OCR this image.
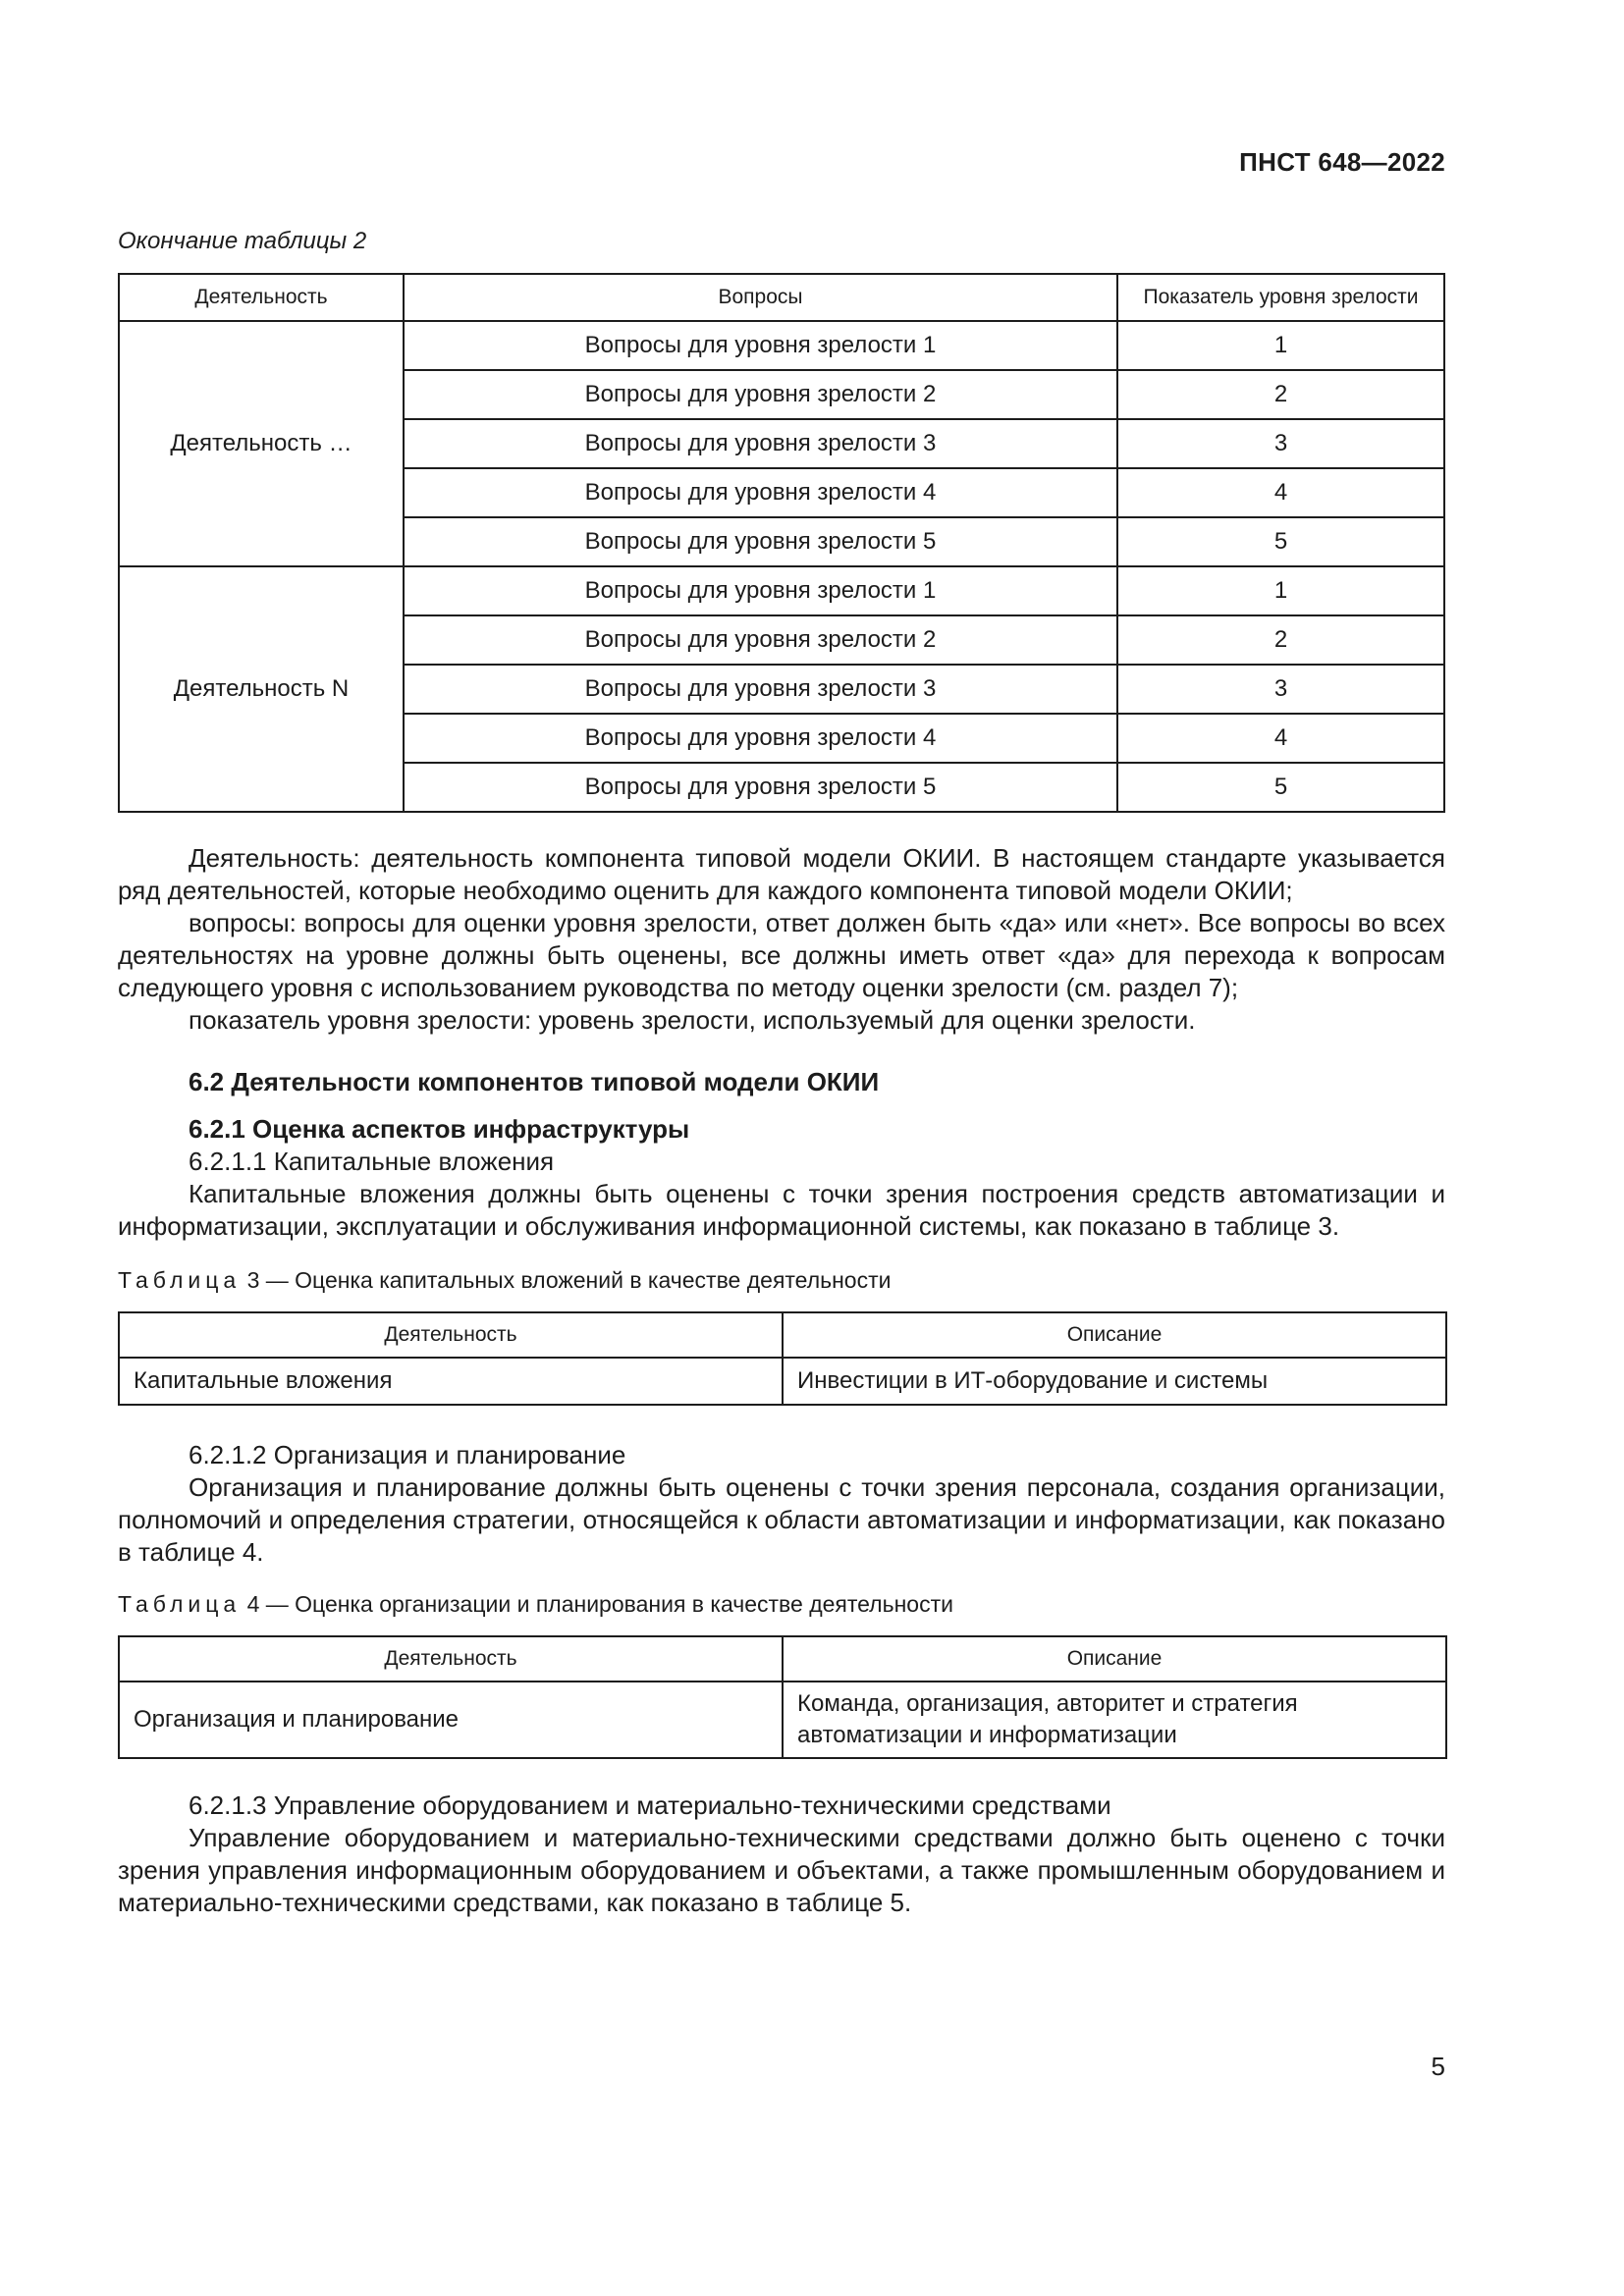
ПНСТ 648—2022
Окончание таблицы 2
Деятельность	Вопросы	Показатель уровня зрелости
Деятельность …	Вопросы для уровня зрелости 1	1
	Вопросы для уровня зрелости 2	2
	Вопросы для уровня зрелости 3	3
	Вопросы для уровня зрелости 4	4
	Вопросы для уровня зрелости 5	5
Деятельность N	Вопросы для уровня зрелости 1	1
	Вопросы для уровня зрелости 2	2
	Вопросы для уровня зрелости 3	3
	Вопросы для уровня зрелости 4	4
	Вопросы для уровня зрелости 5	5

Деятельность: деятельность компонента типовой модели ОКИИ. В настоящем стандарте указывается ряд деятельностей, которые необходимо оценить для каждого компонента типовой модели ОКИИ;

вопросы: вопросы для оценки уровня зрелости, ответ должен быть «да» или «нет». Все вопросы во всех деятельностях на уровне должны быть оценены, все должны иметь ответ «да» для перехода к вопросам следующего уровня с использованием руководства по методу оценки зрелости (см. раздел 7);

показатель уровня зрелости: уровень зрелости, используемый для оценки зрелости.

6.2 Деятельности компонентов типовой модели ОКИИ

6.2.1 Оценка аспектов инфраструктуры

6.2.1.1 Капитальные вложения

Капитальные вложения должны быть оценены с точки зрения построения средств автоматизации и информатизации, эксплуатации и обслуживания информационной системы, как показано в таблице 3.

Таблица 3 — Оценка капитальных вложений в качестве деятельности
Деятельность	Описание
Капитальные вложения	Инвестиции в ИТ-оборудование и системы

6.2.1.2 Организация и планирование

Организация и планирование должны быть оценены с точки зрения персонала, создания организации, полномочий и определения стратегии, относящейся к области автоматизации и информатизации, как показано в таблице 4.

Таблица 4 — Оценка организации и планирования в качестве деятельности
Деятельность	Описание
Организация и планирование	Команда, организация, авторитет и стратегия
автоматизации и информатизации

6.2.1.3 Управление оборудованием и материально-техническими средствами

Управление оборудованием и материально-техническими средствами должно быть оценено с точки зрения управления информационным оборудованием и объектами, а также промышленным оборудованием и материально-техническими средствами, как показано в таблице 5.

5
